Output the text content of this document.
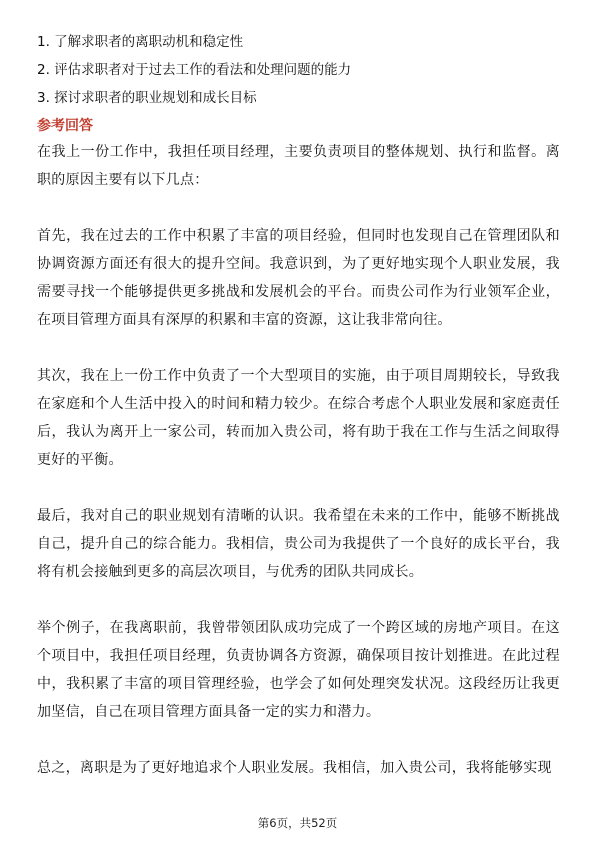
1. 了解求职者的离职动机和稳定性
2. 评估求职者对于过去工作的看法和处理问题的能力
3. 探讨求职者的职业规划和成长目标
参考回答

在我上一份工作中，我担任项目经理，主要负责项目的整体规划、执行和监督。离职的原因主要有以下几点：

首先，我在过去的工作中积累了丰富的项目经验，但同时也发现自己在管理团队和协调资源方面还有很大的提升空间。我意识到，为了更好地实现个人职业发展，我需要寻找一个能够提供更多挑战和发展机会的平台。而贵公司作为行业领军企业，在项目管理方面具有深厚的积累和丰富的资源，这让我非常向往。

其次，我在上一份工作中负责了一个大型项目的实施，由于项目周期较长，导致我在家庭和个人生活中投入的时间和精力较少。在综合考虑个人职业发展和家庭责任后，我认为离开上一家公司，转而加入贵公司，将有助于我在工作与生活之间取得更好的平衡。

最后，我对自己的职业规划有清晰的认识。我希望在未来的工作中，能够不断挑战自己，提升自己的综合能力。我相信，贵公司为我提供了一个良好的成长平台，我将有机会接触到更多的高层次项目，与优秀的团队共同成长。

举个例子，在我离职前，我曾带领团队成功完成了一个跨区域的房地产项目。在这个项目中，我担任项目经理，负责协调各方资源，确保项目按计划推进。在此过程中，我积累了丰富的项目管理经验，也学会了如何处理突发状况。这段经历让我更加坚信，自己在项目管理方面具备一定的实力和潜力。

总之，离职是为了更好地追求个人职业发展。我相信，加入贵公司，我将能够实现

第6页，共52页
